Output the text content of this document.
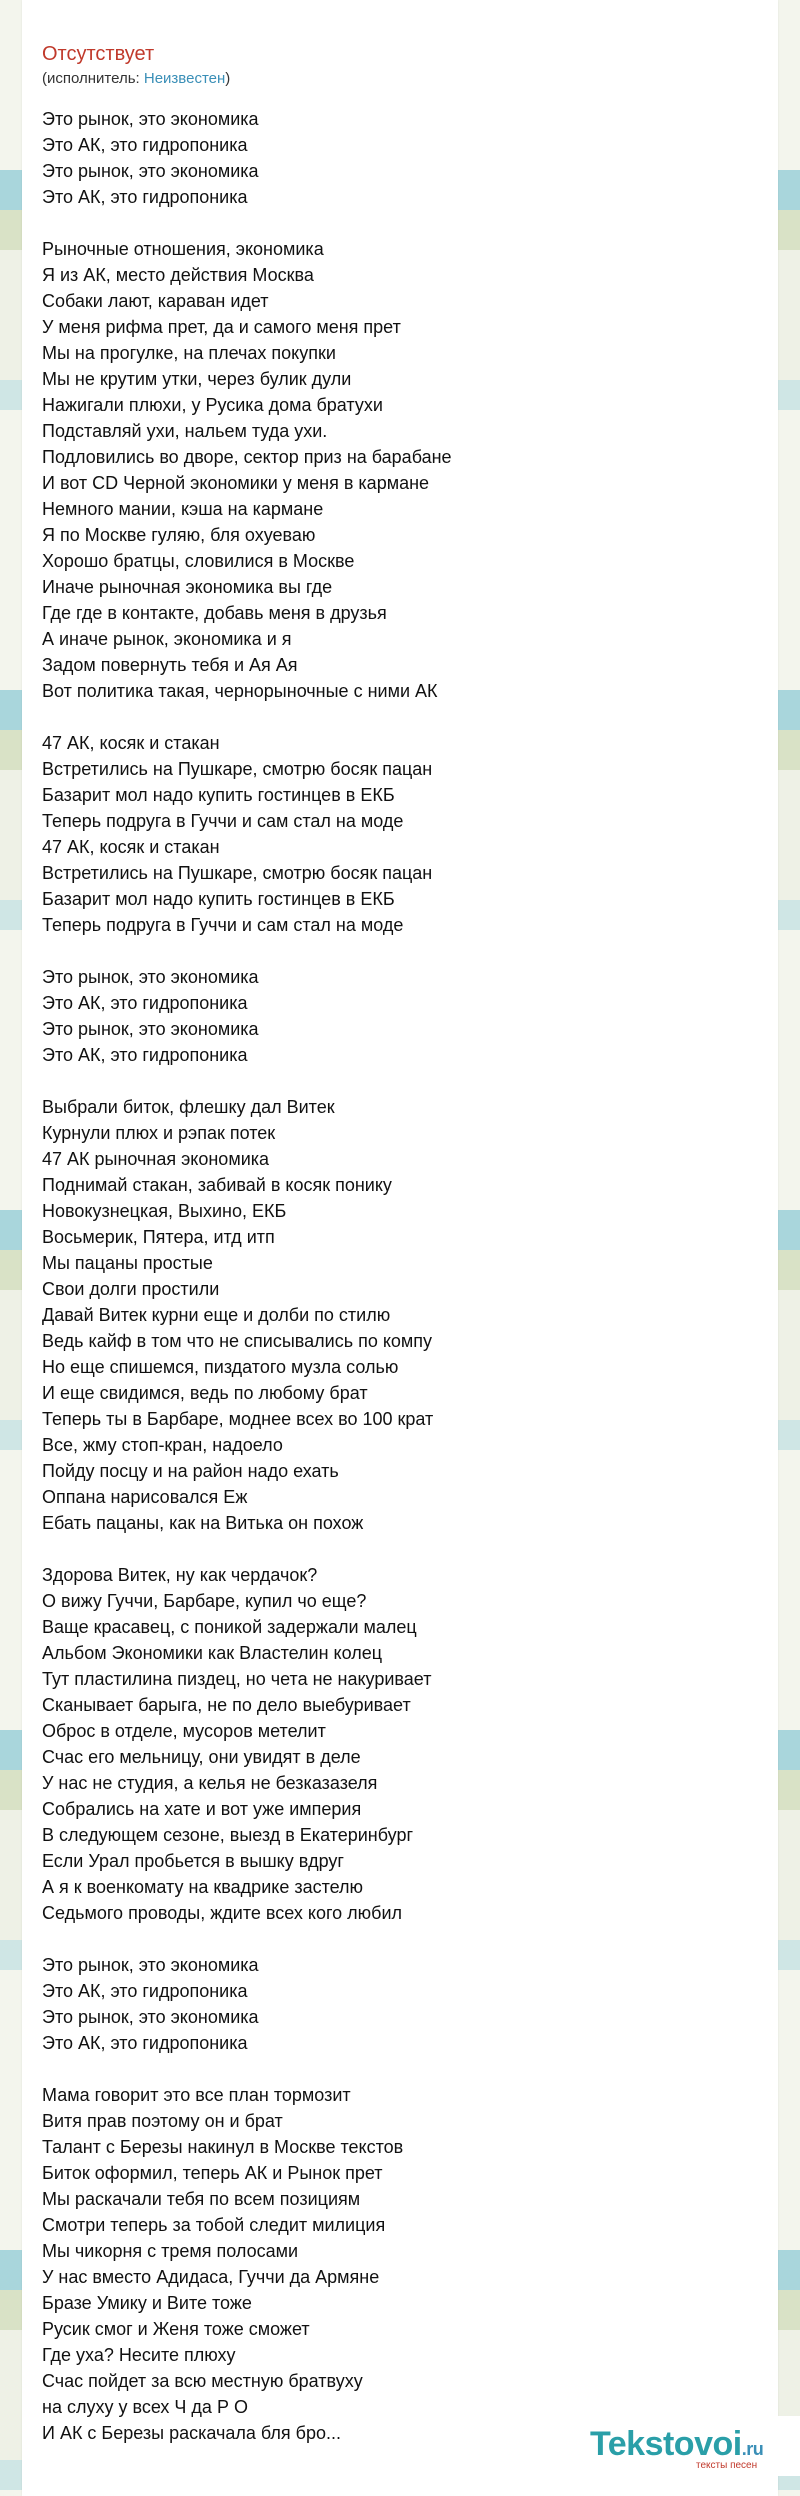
Отсутствует
(исполнитель: Неизвестен)
Это рынок, это экономика
Это АК, это гидропоника
Это рынок, это экономика
Это АК, это гидропоника
Рыночные отношения, экономика
Я из АК, место действия Москва
Собаки лают, караван идет
У меня рифма прет, да и самого меня прет
Мы на прогулке, на плечах покупки
Мы не крутим утки, через булик дули
Нажигали плюхи, у Русика дома братухи
Подставляй ухи, нальем туда ухи.
Подловились во дворе, сектор приз на барабане
И вот CD Черной экономики у меня в кармане
Немного мании, кэша на кармане
Я по Москве гуляю, бля охуеваю
Хорошо братцы, словилися в Москве
Иначе рыночная экономика вы где
Где где в контакте, добавь меня в друзья
А иначе рынок, экономика и я
Задом повернуть тебя и Ая Ая
Вот политика такая, чернорыночные с ними АК
47 АК, косяк и стакан
Встретились на Пушкаре, смотрю босяк пацан
Базарит мол надо купить гостинцев в ЕКБ
Теперь подруга в Гуччи и сам стал на моде
47 АК, косяк и стакан
Встретились на Пушкаре, смотрю босяк пацан
Базарит мол надо купить гостинцев в ЕКБ
Теперь подруга в Гуччи и сам стал на моде
Это рынок, это экономика
Это АК, это гидропоника
Это рынок, это экономика
Это АК, это гидропоника
Выбрали биток, флешку дал Витек
Курнули плюх и рэпак потек
47 АК рыночная экономика
Поднимай стакан, забивай в косяк понику
Новокузнецкая, Выхино, ЕКБ
Восьмерик, Пятера, итд итп
Мы пацаны простые
Свои долги простили
Давай Витек курни еще и долби по стилю
Ведь кайф в том что не списывались по компу
Но еще спишемся, пиздатого музла солью
И еще свидимся, ведь по любому брат
Теперь ты в Барбаре, моднее всех во 100 крат
Все, жму стоп-кран, надоело
Пойду посцу и на район надо ехать
Оппана нарисовался Еж
Ебать пацаны, как на Витька он похож
Здорова Витек, ну как чердачок?
О вижу Гуччи, Барбаре, купил чо еще?
Ваще красавец, с поникой задержали малец
Альбом Экономики как Властелин колец
Тут пластилина пиздец, но чета не накуривает
Сканывает барыга, не по дело выебуривает
Оброс в отделе, мусоров метелит
Счас его мельницу, они увидят в деле
У нас не студия, а келья не безказазеля
Собрались на хате и вот уже империя
В следующем сезоне, выезд в Екатеринбург
Если Урал пробьется в вышку вдруг
А я к военкомату на квадрике застелю
Седьмого проводы, ждите всех кого любил
Это рынок, это экономика
Это АК, это гидропоника
Это рынок, это экономика
Это АК, это гидропоника
Мама говорит это все план тормозит
Витя прав поэтому он и брат
Талант с Березы накинул в Москве текстов
Биток оформил, теперь АК и Рынок прет
Мы раскачали тебя по всем позициям
Смотри теперь за тобой следит милиция
Мы чикорня с тремя полосами
У нас вместо Адидаса, Гуччи да Армяне
Бразе Умику и Вите тоже
Русик смог и Женя тоже сможет
Где уха? Несите плюху
Счас пойдет за всю местную братвуху
на слуху у всех Ч да Р О
И АК с Березы раскачала бля бро...	Tekstovoi.ru
тексты песен
